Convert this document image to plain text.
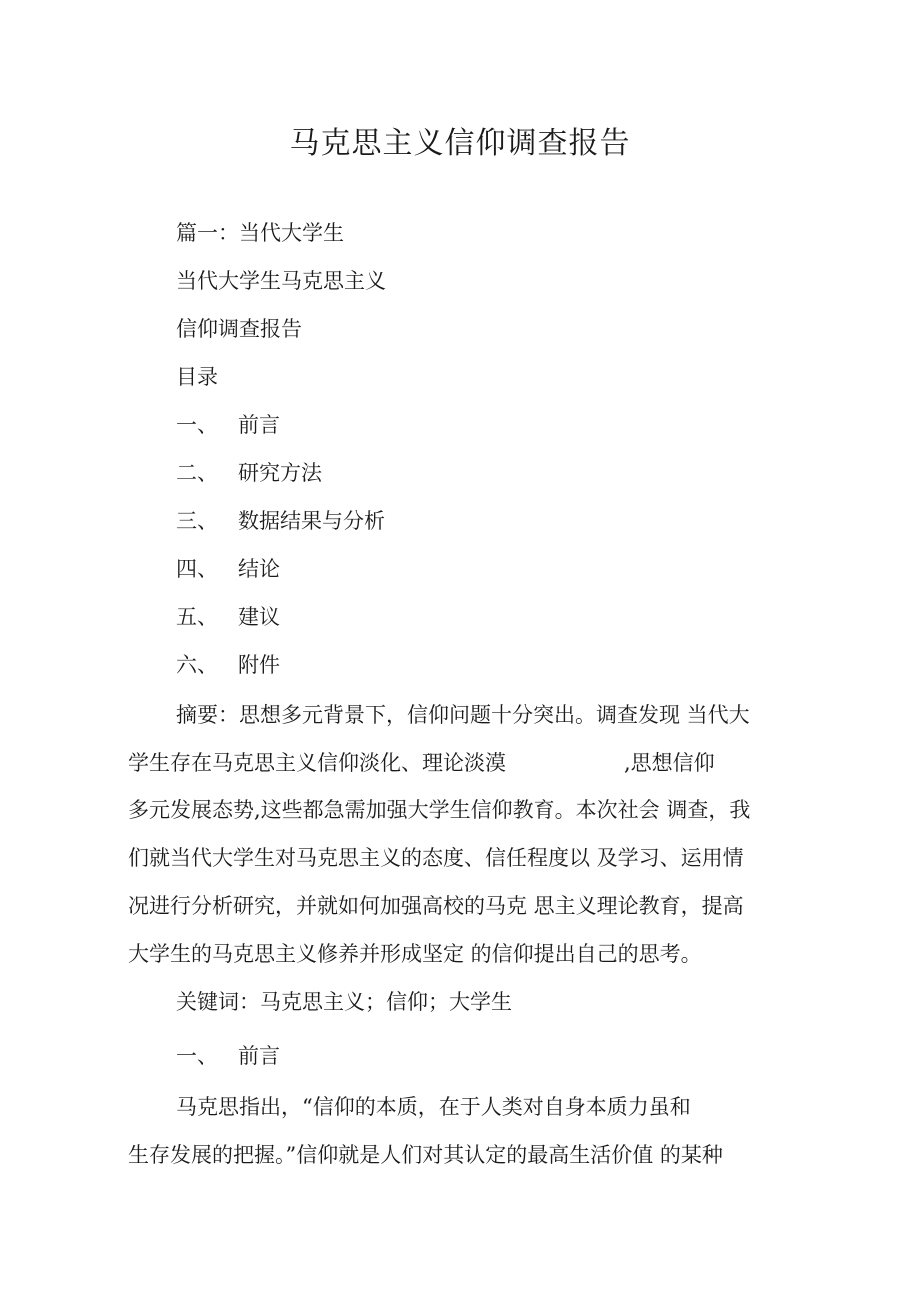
马克思主义信仰调查报告
篇一：当代大学生
当代大学生马克思主义
信仰调查报告
目录
一、 前言
二、 研究方法
三、 数据结果与分析
四、 结论
五、 建议
六、 附件
摘要：思想多元背景下，信仰问题十分突出。调查发现 当代大
学生存在马克思主义信仰淡化、理论淡漠	,思想信仰
多元发展态势,这些都急需加强大学生信仰教育。本次社会 调查，我
们就当代大学生对马克思主义的态度、信任程度以 及学习、运用情
况进行分析研究，并就如何加强高校的马克 思主义理论教育，提高
大学生的马克思主义修养并形成坚定 的信仰提出自己的思考。
关键词：马克思主义；信仰；大学生
一、 前言
马克思指出，“信仰的本质，在于人类对自身本质力虽和
生存发展的把握。”信仰就是人们对其认定的最高生活价值 的某种
